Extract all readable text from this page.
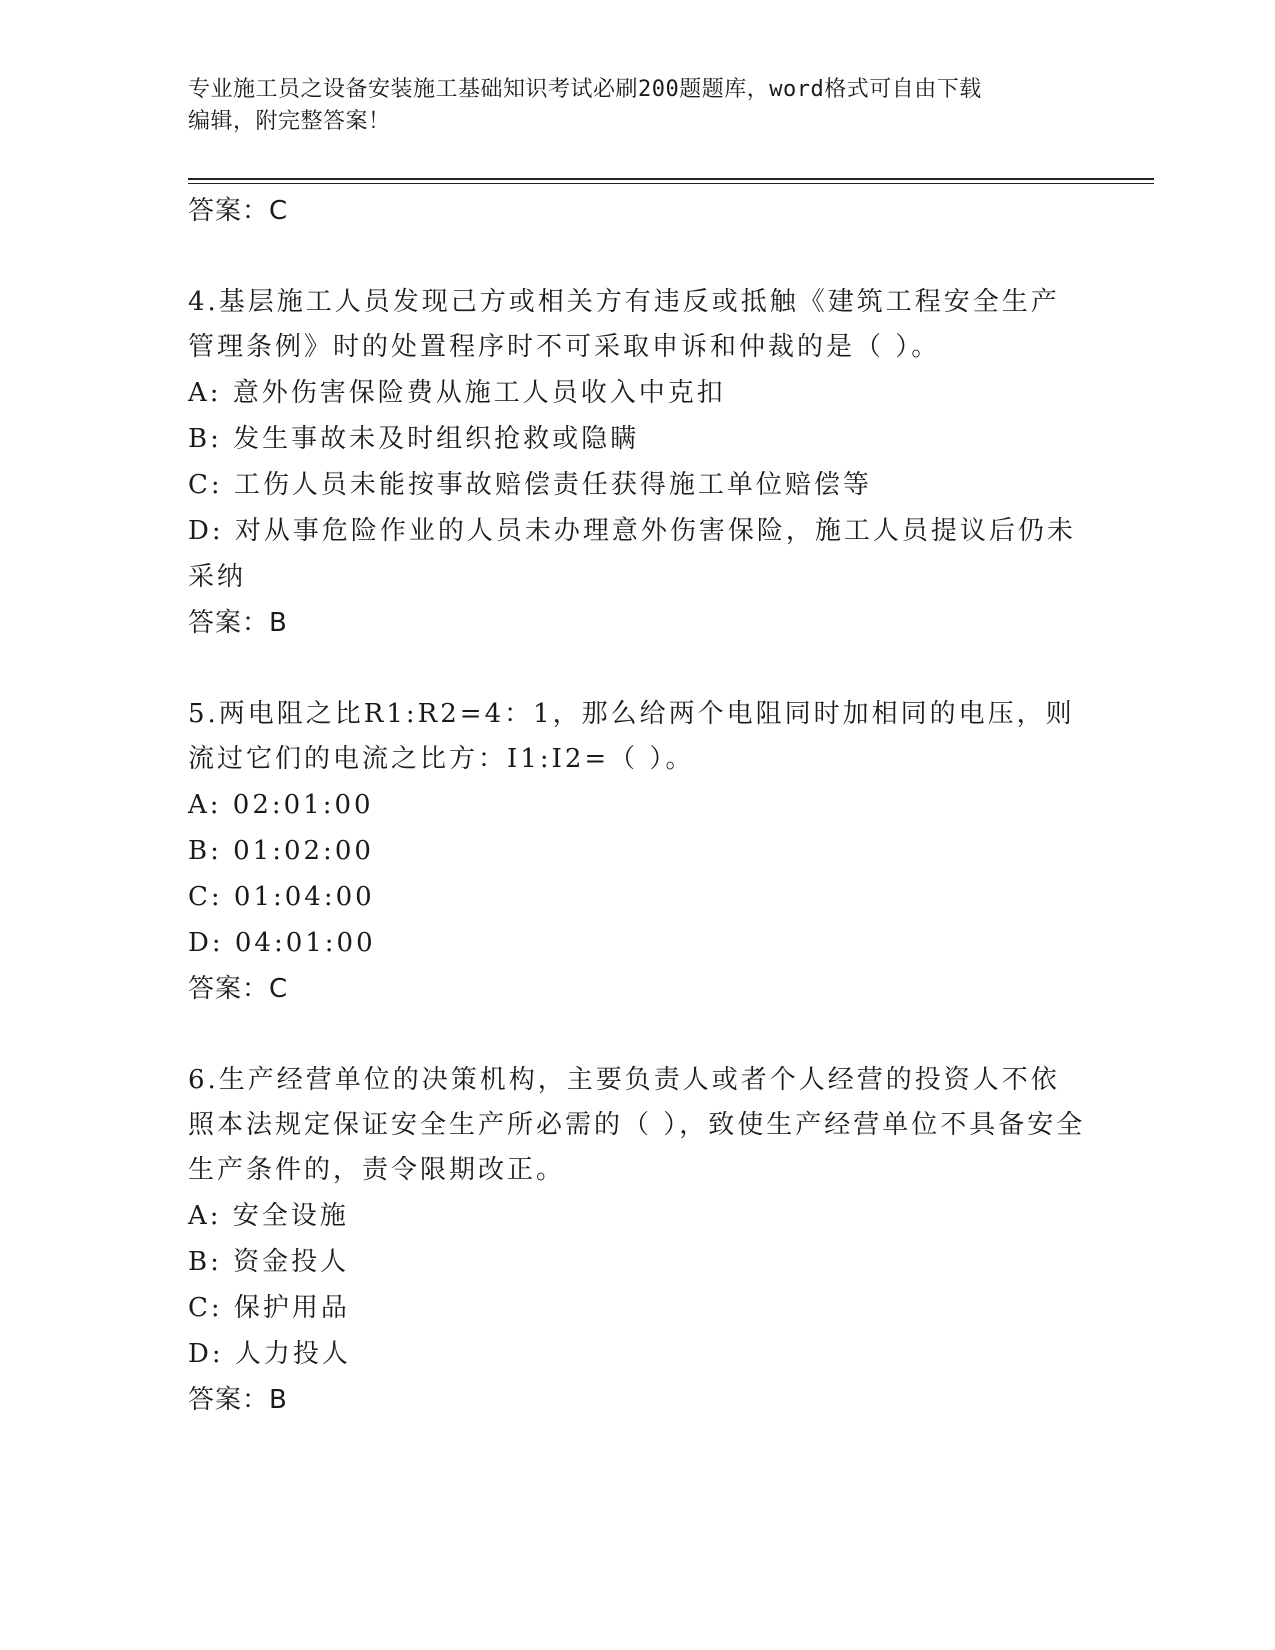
专业施工员之设备安装施工基础知识考试必刷200题题库，word格式可自由下载
编辑，附完整答案！
答案：C
4.基层施工人员发现己方或相关方有违反或抵触《建筑工程安全生产管理条例》时的处置程序时不可采取申诉和仲裁的是（ ）。
A: 意外伤害保险费从施工人员收入中克扣
B: 发生事故未及时组织抢救或隐瞒
C: 工伤人员未能按事故赔偿责任获得施工单位赔偿等
D: 对从事危险作业的人员未办理意外伤害保险，施工人员提议后仍未采纳
答案：B
5.两电阻之比R1:R2=4：1，那么给两个电阻同时加相同的电压，则流过它们的电流之比方：I1:I2=（ ）。
A: 02:01:00
B: 01:02:00
C: 01:04:00
D: 04:01:00
答案：C
6.生产经营单位的决策机构，主要负责人或者个人经营的投资人不依照本法规定保证安全生产所必需的（ ），致使生产经营单位不具备安全生产条件的，责令限期改正。
A: 安全设施
B: 资金投人
C: 保护用品
D: 人力投人
答案：B
